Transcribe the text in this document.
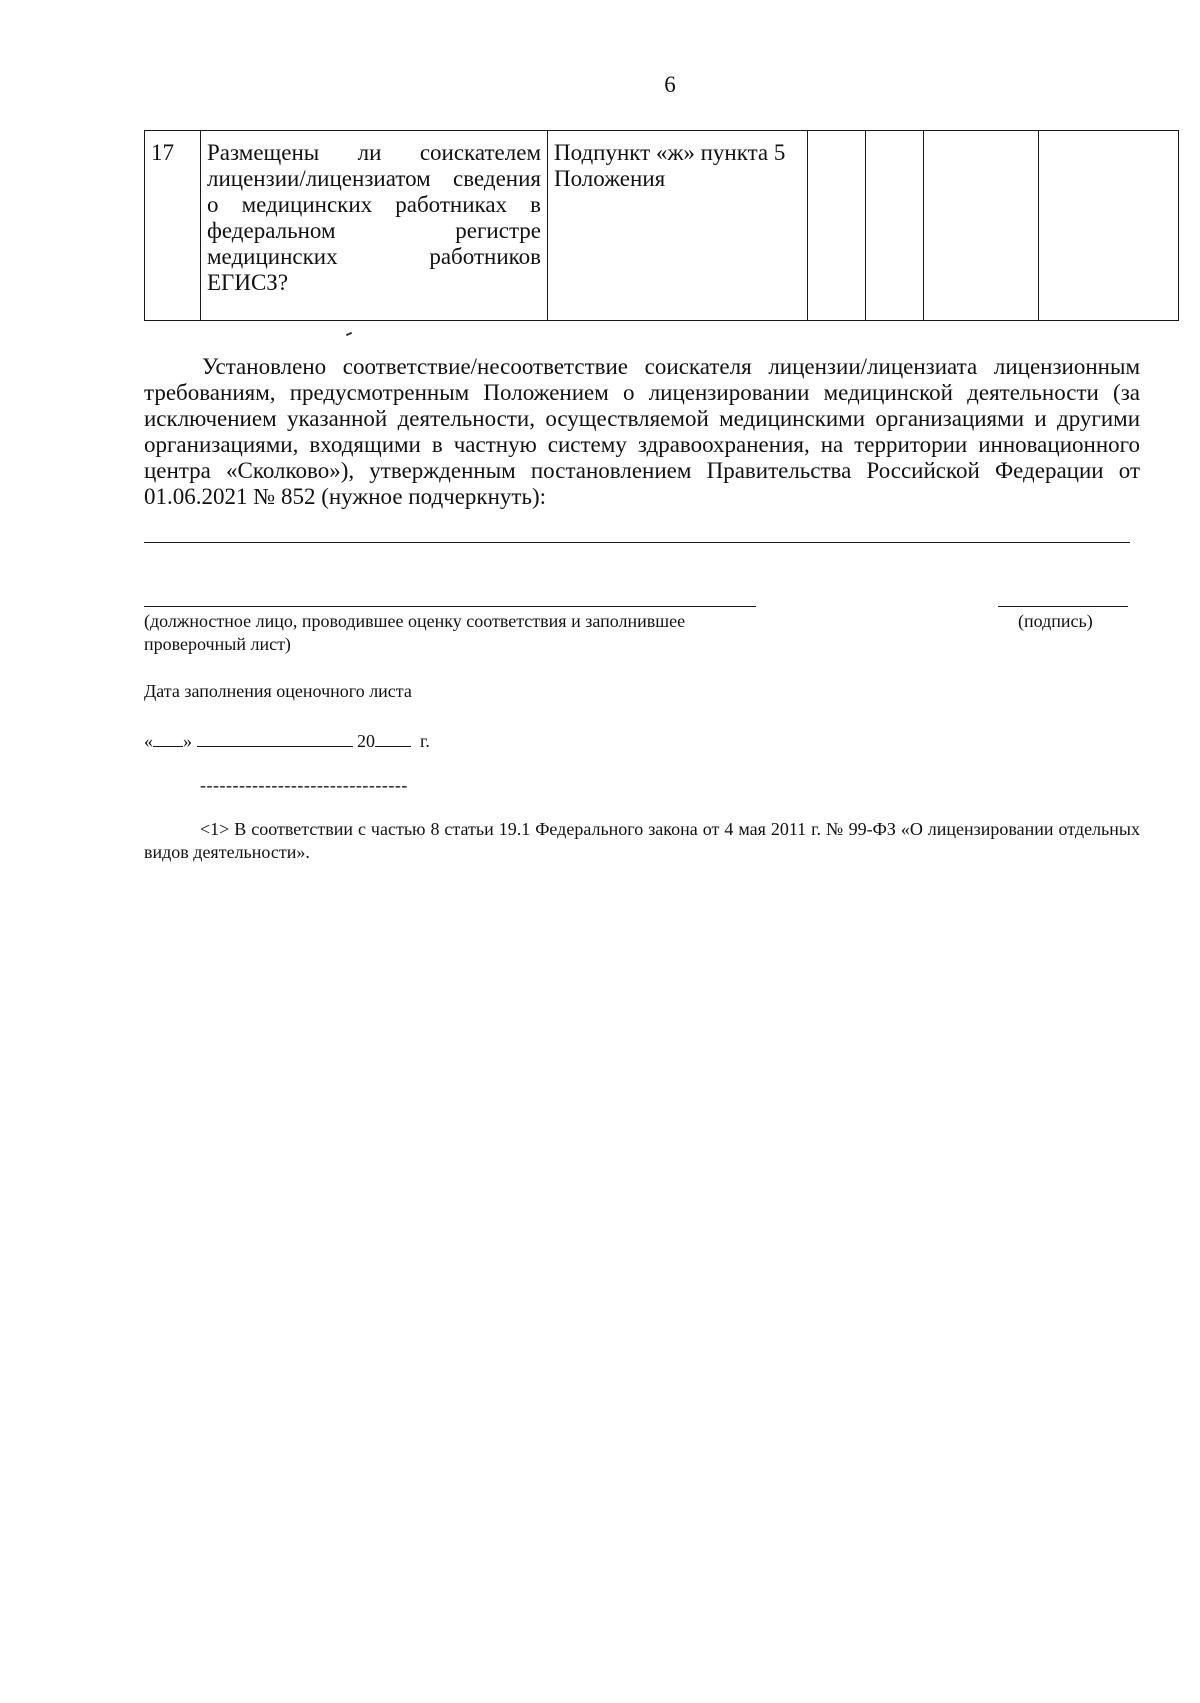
6
17	Размещены ли соискателем лицензии/лицензиатом сведения о медицинских работниках в федеральном регистре медицинских работников ЕГИСЗ?	Подпункт «ж» пункта 5 Положения				

Установлено соответствие/несоответствие соискателя лицензии/лицензиата лицензионным требованиям, предусмотренным Положением о лицензировании медицинской деятельности (за исключением указанной деятельности, осуществляемой медицинскими организациями и другими организациями, входящими в частную систему здравоохранения, на территории инновационного центра «Сколково»), утвержденным постановлением Правительства Российской Федерации от 01.06.2021 № 852 (нужное подчеркнуть):

(должностное лицо, проводившее оценку соответствия и заполнившее проверочный лист)
(подпись)
Дата заполнения оценочного листа
« »	20	г.
--------------------------------
<1> В соответствии с частью 8 статьи 19.1 Федерального закона от 4 мая 2011 г. № 99-ФЗ «О лицензировании отдельных видов деятельности».
